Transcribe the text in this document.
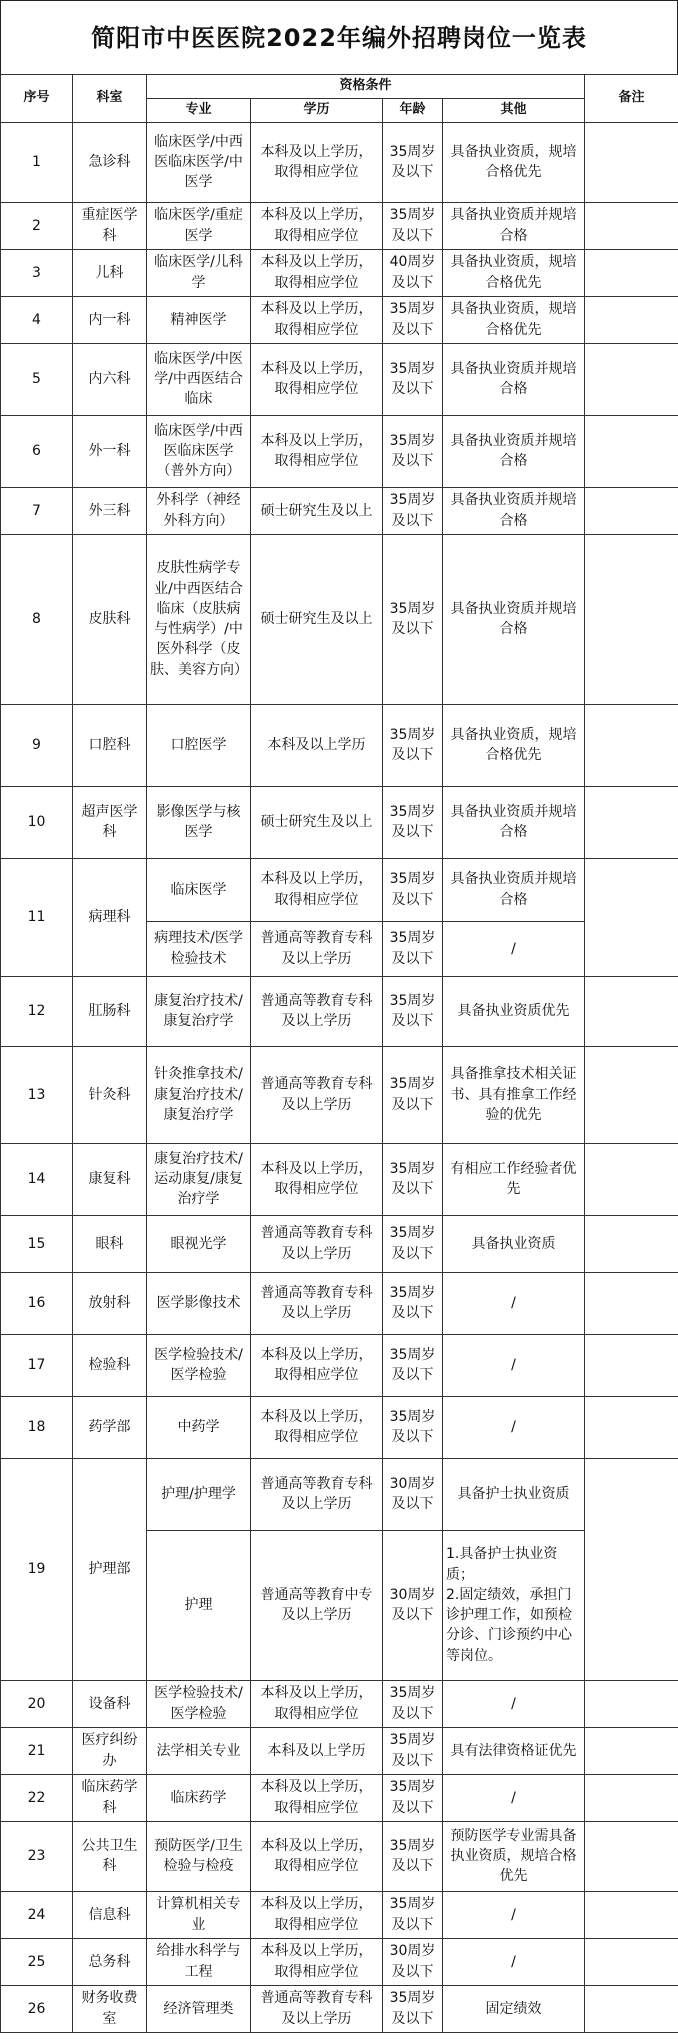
简阳市中医医院2022年编外招聘岗位一览表
序号	科室	资格条件				备注
		专业	学历	年龄	其他	
1	急诊科	临床医学/中西医临床医学/中医学	本科及以上学历，取得相应学位	35周岁及以下	具备执业资质，规培合格优先	
2	重症医学科	临床医学/重症医学	本科及以上学历，取得相应学位	35周岁及以下	具备执业资质并规培合格	
3	儿科	临床医学/儿科学	本科及以上学历，取得相应学位	40周岁及以下	具备执业资质，规培合格优先	
4	内一科	精神医学	本科及以上学历，取得相应学位	35周岁及以下	具备执业资质，规培合格优先	
5	内六科	临床医学/中医学/中西医结合临床	本科及以上学历，取得相应学位	35周岁及以下	具备执业资质并规培合格	
6	外一科	临床医学/中西医临床医学（普外方向）	本科及以上学历，取得相应学位	35周岁及以下	具备执业资质并规培合格	
7	外三科	外科学（神经外科方向）	硕士研究生及以上	35周岁及以下	具备执业资质并规培合格	
8	皮肤科	皮肤性病学专业/中西医结合临床（皮肤病与性病学）/中医外科学（皮肤、美容方向）	硕士研究生及以上	35周岁及以下	具备执业资质并规培合格	
9	口腔科	口腔医学	本科及以上学历	35周岁及以下	具备执业资质，规培合格优先	
10	超声医学科	影像医学与核医学	硕士研究生及以上	35周岁及以下	具备执业资质并规培合格	
11	病理科	临床医学	本科及以上学历，取得相应学位	35周岁及以下	具备执业资质并规培合格	
		病理技术/医学检验技术	普通高等教育专科及以上学历	35周岁及以下	/	
12	肛肠科	康复治疗技术/康复治疗学	普通高等教育专科及以上学历	35周岁及以下	具备执业资质优先	
13	针灸科	针灸推拿技术/康复治疗技术/康复治疗学	普通高等教育专科及以上学历	35周岁及以下	具备推拿技术相关证书、具有推拿工作经验的优先	
14	康复科	康复治疗技术/运动康复/康复治疗学	本科及以上学历，取得相应学位	35周岁及以下	有相应工作经验者优先	
15	眼科	眼视光学	普通高等教育专科及以上学历	35周岁及以下	具备执业资质	
16	放射科	医学影像技术	普通高等教育专科及以上学历	35周岁及以下	/	
17	检验科	医学检验技术/医学检验	本科及以上学历，取得相应学位	35周岁及以下	/	
18	药学部	中药学	本科及以上学历，取得相应学位	35周岁及以下	/	
19	护理部	护理/护理学	普通高等教育专科及以上学历	30周岁及以下	具备护士执业资质	
		护理	普通高等教育中专及以上学历	30周岁及以下	1.具备护士执业资质；
2.固定绩效，承担门诊护理工作，如预检分诊、门诊预约中心等岗位。	
20	设备科	医学检验技术/医学检验	本科及以上学历，取得相应学位	35周岁及以下	/	
21	医疗纠纷办	法学相关专业	本科及以上学历	35周岁及以下	具有法律资格证优先	
22	临床药学科	临床药学	本科及以上学历，取得相应学位	35周岁及以下	/	
23	公共卫生科	预防医学/卫生检验与检疫	本科及以上学历，取得相应学位	35周岁及以下	预防医学专业需具备执业资质，规培合格优先	
24	信息科	计算机相关专业	本科及以上学历，取得相应学位	35周岁及以下	/	
25	总务科	给排水科学与工程	本科及以上学历，取得相应学位	30周岁及以下	/	
26	财务收费室	经济管理类	普通高等教育专科及以上学历	35周岁及以下	固定绩效	
